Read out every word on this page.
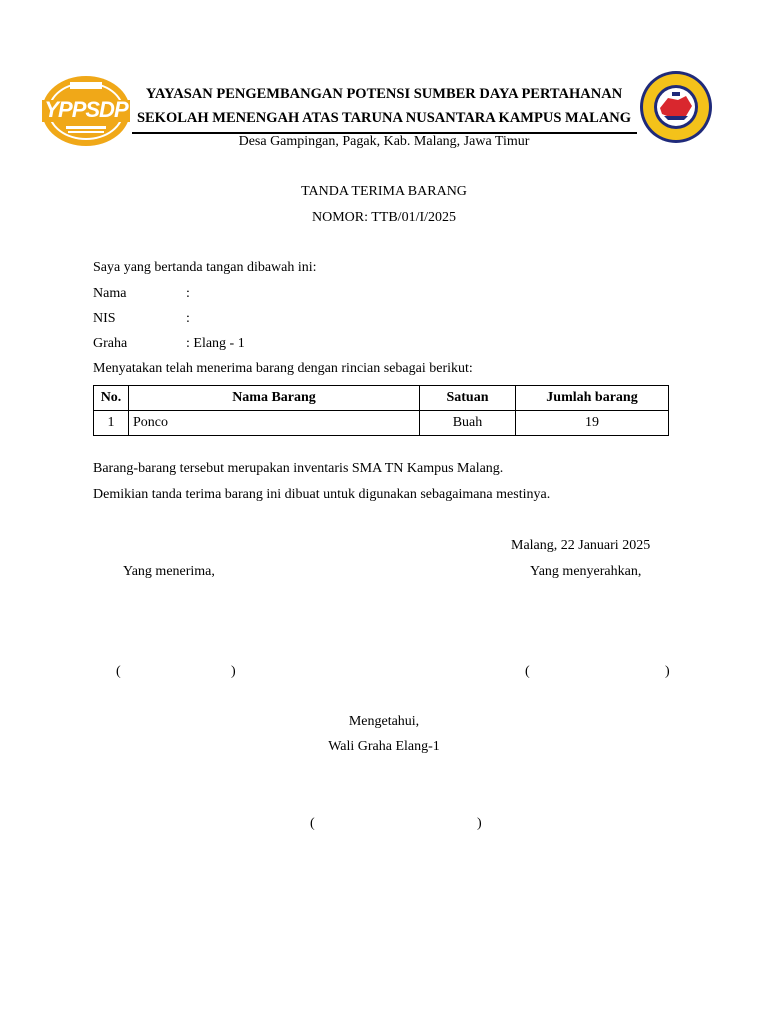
YPPSDP
YAYASAN PENGEMBANGAN POTENSI SUMBER DAYA PERTAHANAN
SEKOLAH MENENGAH ATAS TARUNA NUSANTARA KAMPUS MALANG
Desa Gampingan, Pagak, Kab. Malang, Jawa Timur
TANDA TERIMA BARANG
NOMOR: TTB/01/I/2025
Saya yang bertanda tangan dibawah ini:
Nama	:
NIS	:
Graha	: Elang - 1
Menyatakan telah menerima barang dengan rincian sebagai berikut:
No.	Nama Barang	Satuan	Jumlah barang
1	Ponco	Buah	19
Barang-barang tersebut merupakan inventaris SMA TN Kampus Malang.
Demikian tanda terima barang ini dibuat untuk digunakan sebagaimana mestinya.
Malang, 22 Januari 2025
Yang menerima,	Yang menyerahkan,
(	)	(	)
Mengetahui,
Wali Graha Elang-1
(	)
